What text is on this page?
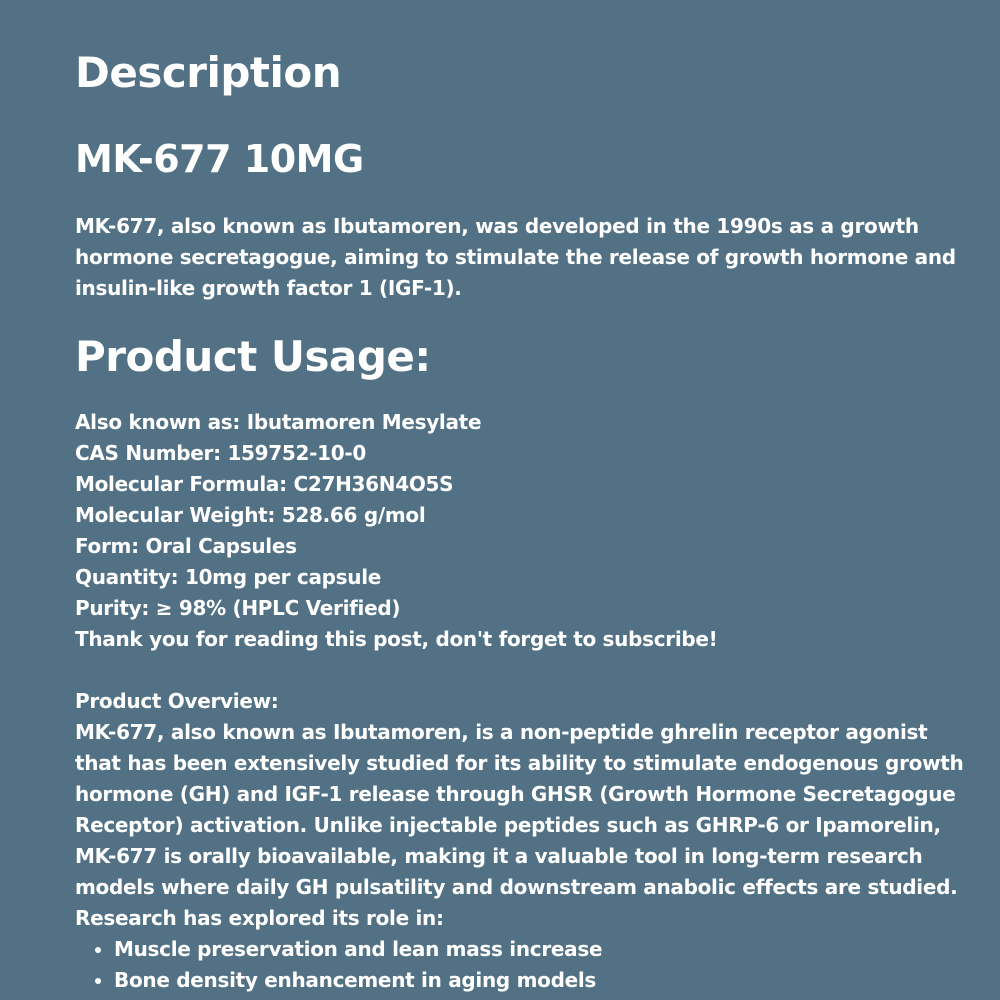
Description
MK-677 10MG

MK-677, also known as Ibutamoren, was developed in the 1990s as a growth hormone secretagogue, aiming to stimulate the release of growth hormone and insulin-like growth factor 1 (IGF-1).

Product Usage:
Also known as: Ibutamoren Mesylate
CAS Number: 159752-10-0
Molecular Formula: C27H36N4O5S
Molecular Weight: 528.66 g/mol
Form: Oral Capsules
Quantity: 10mg per capsule
Purity: ≥ 98% (HPLC Verified)
Thank you for reading this post, don't forget to subscribe!
Product Overview:
MK-677, also known as Ibutamoren, is a non-peptide ghrelin receptor agonist that has been extensively studied for its ability to stimulate endogenous growth hormone (GH) and IGF-1 release through GHSR (Growth Hormone Secretagogue Receptor) activation. Unlike injectable peptides such as GHRP-6 or Ipamorelin, MK-677 is orally bioavailable, making it a valuable tool in long-term research models where daily GH pulsatility and downstream anabolic effects are studied.
Research has explored its role in:
• Muscle preservation and lean mass increase
• Bone density enhancement in aging models
